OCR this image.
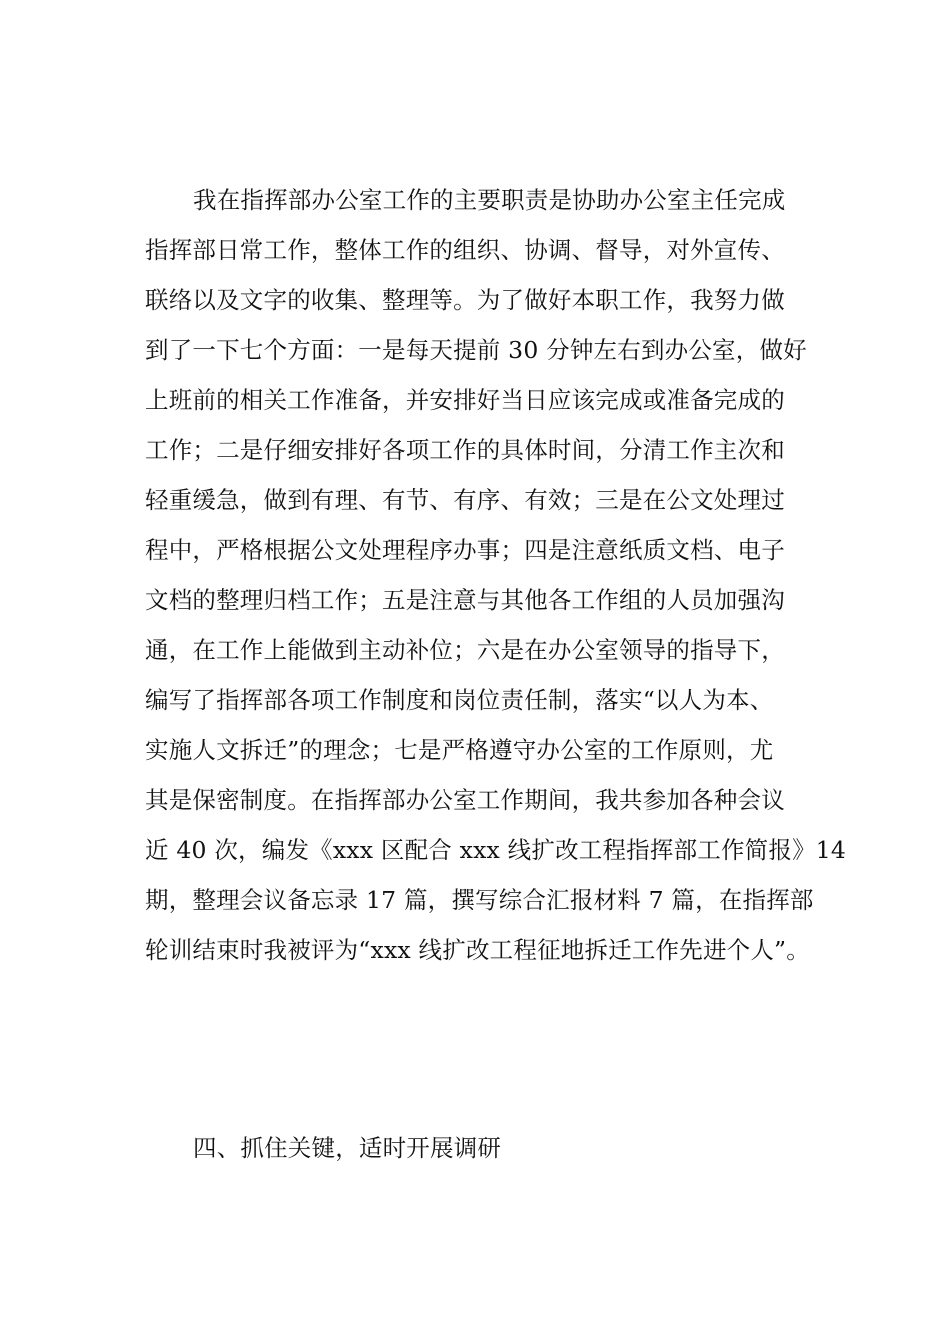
我在指挥部办公室工作的主要职责是协助办公室主任完成
指挥部日常工作，整体工作的组织、协调、督导，对外宣传、
联络以及文字的收集、整理等。为了做好本职工作，我努力做
到了一下七个方面：一是每天提前 30 分钟左右到办公室，做好
上班前的相关工作准备，并安排好当日应该完成或准备完成的
工作；二是仔细安排好各项工作的具体时间，分清工作主次和
轻重缓急，做到有理、有节、有序、有效；三是在公文处理过
程中，严格根据公文处理程序办事；四是注意纸质文档、电子
文档的整理归档工作；五是注意与其他各工作组的人员加强沟
通，在工作上能做到主动补位；六是在办公室领导的指导下，
编写了指挥部各项工作制度和岗位责任制，落实“以人为本、
实施人文拆迁”的理念；七是严格遵守办公室的工作原则，尤
其是保密制度。在指挥部办公室工作期间，我共参加各种会议
近 40 次，编发《xxx 区配合 xxx 线扩改工程指挥部工作简报》14
期，整理会议备忘录 17 篇，撰写综合汇报材料 7 篇，在指挥部
轮训结束时我被评为“xxx 线扩改工程征地拆迁工作先进个人”。
四、抓住关键，适时开展调研
